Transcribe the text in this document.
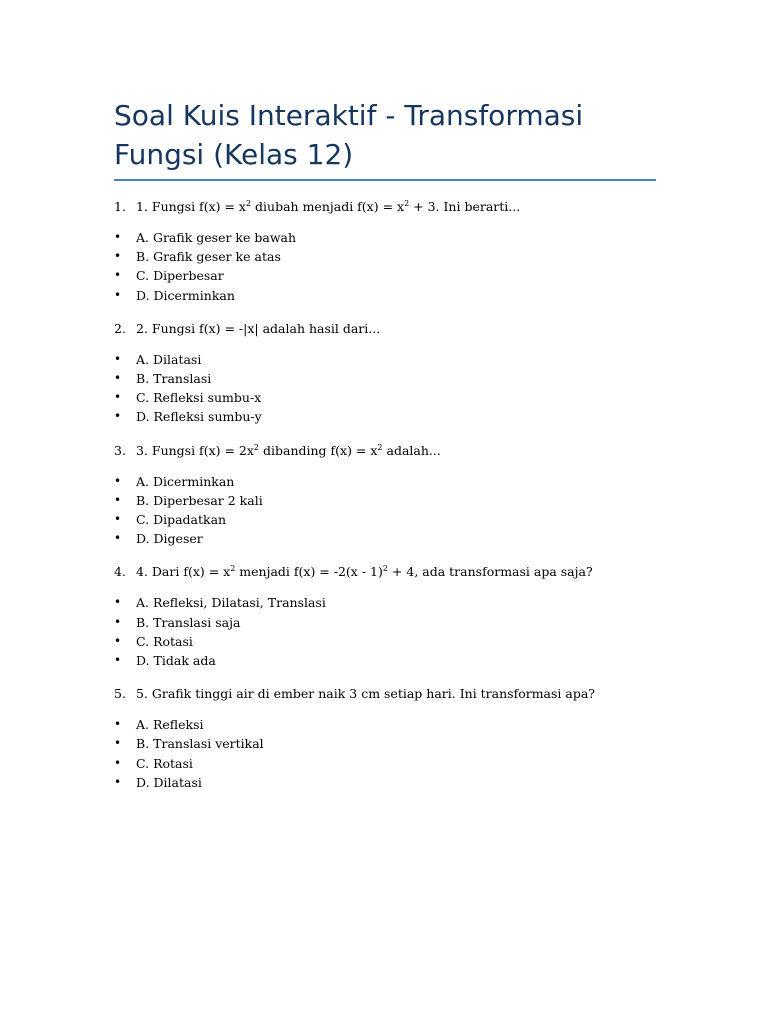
Soal Kuis Interaktif - Transformasi Fungsi (Kelas 12)

1. 1. Fungsi $f(x) = x^2$ diubah menjadi $f(x) = x^2 + 3$. Ini berarti...

• A. Grafik geser ke bawah
• B. Grafik geser ke atas
• C. Diperbesar
• D. Dicerminkan

2. 2. Fungsi f(x) = -|x| adalah hasil dari...

• A. Dilatasi
• B. Translasi
• C. Refleksi sumbu-x
• D. Refleksi sumbu-y

3. 3. Fungsi $f(x) = 2x^2$ dibanding $f(x) = x^2$ adalah...

• A. Dicerminkan
• B. Diperbesar 2 kali
• C. Dipadatkan
• D. Digeser

4. 4. Dari $f(x) = x^2$ menjadi f(x) = -2(x - 1)$^2$ + 4, ada transformasi apa saja?

• A. Refleksi, Dilatasi, Translasi
• B. Translasi saja
• C. Rotasi
• D. Tidak ada

5. 5. Grafik tinggi air di ember naik 3 cm setiap hari. Ini transformasi apa?

• A. Refleksi
• B. Translasi vertikal
• C. Rotasi
• D. Dilatasi
